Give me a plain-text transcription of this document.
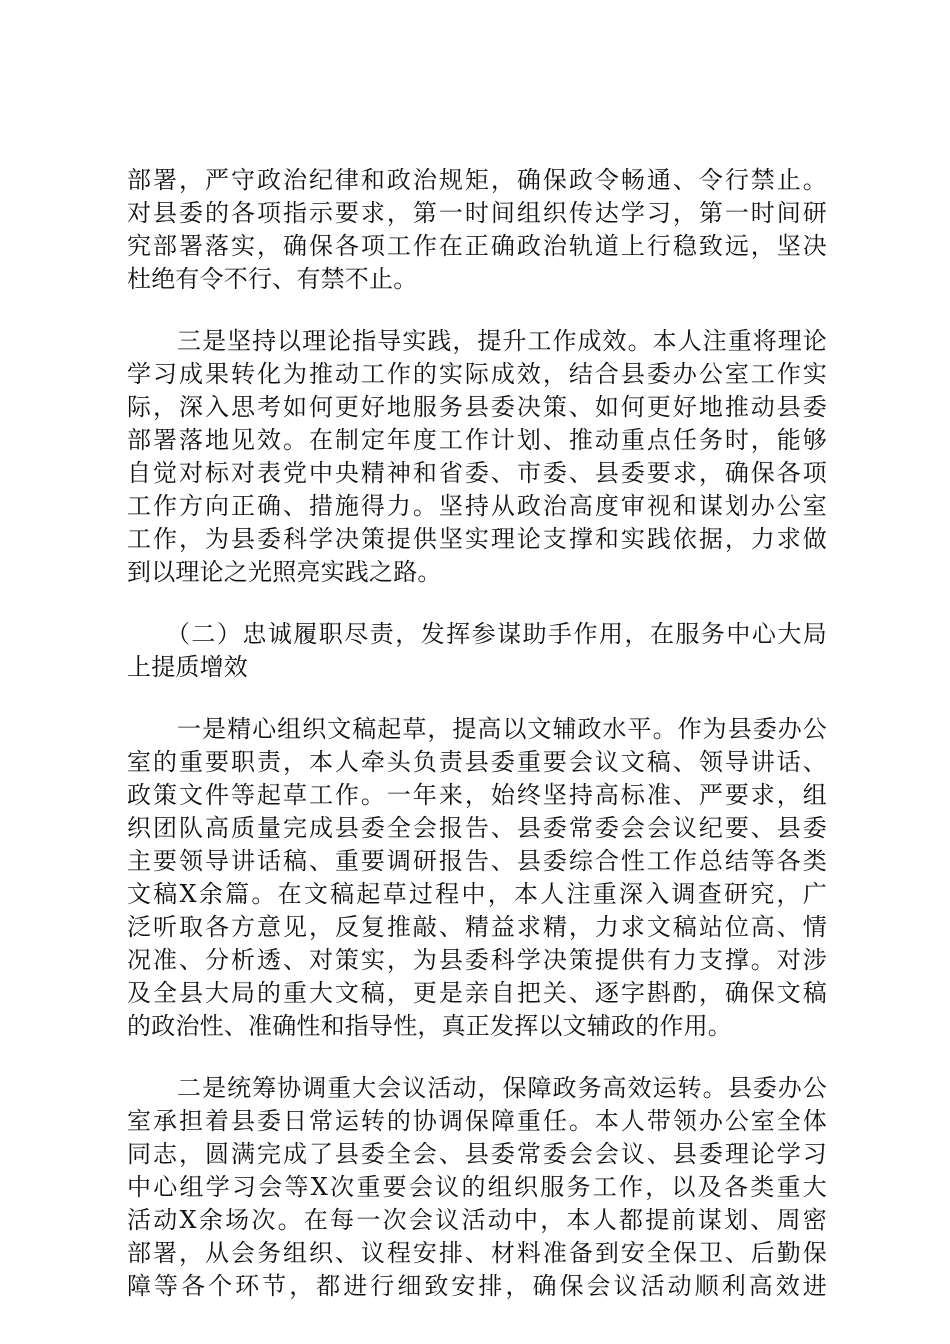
部署，严守政治纪律和政治规矩，确保政令畅通、令行禁止。
对县委的各项指示要求，第一时间组织传达学习，第一时间研
究部署落实，确保各项工作在正确政治轨道上行稳致远，坚决
杜绝有令不行、有禁不止。
　　三是坚持以理论指导实践，提升工作成效。本人注重将理论
学习成果转化为推动工作的实际成效，结合县委办公室工作实
际，深入思考如何更好地服务县委决策、如何更好地推动县委
部署落地见效。在制定年度工作计划、推动重点任务时，能够
自觉对标对表党中央精神和省委、市委、县委要求，确保各项
工作方向正确、措施得力。坚持从政治高度审视和谋划办公室
工作，为县委科学决策提供坚实理论支撑和实践依据，力求做
到以理论之光照亮实践之路。
　　（二）忠诚履职尽责，发挥参谋助手作用，在服务中心大局
上提质增效
　　一是精心组织文稿起草，提高以文辅政水平。作为县委办公
室的重要职责，本人牵头负责县委重要会议文稿、领导讲话、
政策文件等起草工作。一年来，始终坚持高标准、严要求，组
织团队高质量完成县委全会报告、县委常委会会议纪要、县委
主要领导讲话稿、重要调研报告、县委综合性工作总结等各类
文稿X余篇。在文稿起草过程中，本人注重深入调查研究，广
泛听取各方意见，反复推敲、精益求精，力求文稿站位高、情
况准、分析透、对策实，为县委科学决策提供有力支撑。对涉
及全县大局的重大文稿，更是亲自把关、逐字斟酌，确保文稿
的政治性、准确性和指导性，真正发挥以文辅政的作用。
　　二是统筹协调重大会议活动，保障政务高效运转。县委办公
室承担着县委日常运转的协调保障重任。本人带领办公室全体
同志，圆满完成了县委全会、县委常委会会议、县委理论学习
中心组学习会等X次重要会议的组织服务工作，以及各类重大
活动X余场次。在每一次会议活动中，本人都提前谋划、周密
部署，从会务组织、议程安排、材料准备到安全保卫、后勤保
障等各个环节，都进行细致安排，确保会议活动顺利高效进
